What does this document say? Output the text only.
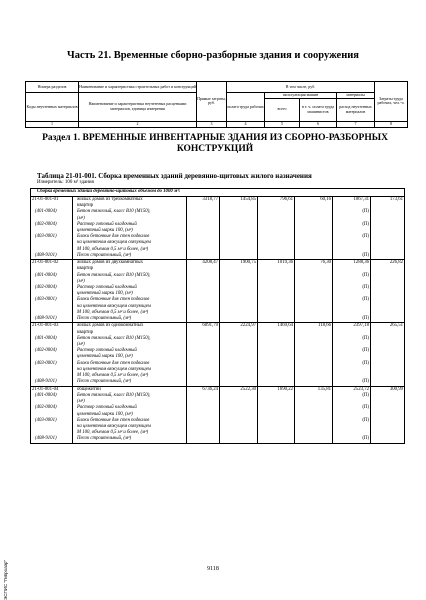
Часть 21. Временные сборно-разборные здания и сооружения
Номера разделов	Наименование и характеристика строительных работ и конструкций	Прямые затраты, руб.	В том числе, руб.				Затраты труда рабочих, чел.-ч.
Коды неучтенных материалов	Наименование и характеристика неучтенных расценками материалов, единица измерения		оплата труда рабочих	эксплуатация машин		материалы	
				всего	в т. ч. оплата труда машинистов	расход неучтенных материалов	
1	2	3	4	5	6	7	8
Раздел 1. ВРЕМЕННЫЕ ИНВЕНТАРНЫЕ ЗДАНИЯ ИЗ СБОРНО-РАЗБОРНЫХ КОНСТРУКЦИЙ
Таблица 21-01-001. Сборка временных зданий деревянно-щитовых жилого назначения
Измеритель: 100 м³ здания
Сборка временных зданий деревянно-щитовых объемом до 1000 м³:							
21-01-001-01	жилых домов из трехкомнатных квартир	3318,77	1454,85	796,61	60,16	1067,31	173,61
(401-0004)	Бетон тяжелый, класс В10 (М150), (м³)					(П)	
(402-0004)	Раствор готовый кладочный цементный марки 100, (м³)					(П)	
(403-0001)	Блоки бетонные для стен подвалов на цементном вяжущем связующем М 100, объемом 0,5 м³ и более, (м³)					(П)	
(408-9101)	Песок строительный, (м³)					(П)	
21-01-001-02	жилых домов из двухкомнатных квартир	4208,47	1900,75	1019,36	76,30	1288,36	226,82
(401-0004)	Бетон тяжелый, класс В10 (М150), (м³)					(П)	
(402-0004)	Раствор готовый кладочный цементный марки 100, (м³)					(П)	
(403-0001)	Блоки бетонные для стен подвалов на цементном вяжущем связующем М 100, объемом 0,5 м³ и более, (м³)					(П)	
(408-9101)	Песок строительный, (м³)					(П)	
21-01-001-03	жилых домов из однокомнатных квартир	6091,79	2224,97	1469,64	118,66	2397,18	265,51
(401-0004)	Бетон тяжелый, класс В10 (М150), (м³)					(П)	
(402-0004)	Раствор готовый кладочный цементный марки 100, (м³)					(П)	
(403-0001)	Блоки бетонные для стен подвалов на цементном вяжущем связующем М 100, объемом 0,5 м³ и более, (м³)					(П)	
(408-9101)	Песок строительный, (м³)					(П)	
21-01-001-04	общежитий	6736,24	2522,30	1690,22	135,81	2523,72	300,99
(401-0004)	Бетон тяжелый, класс В10 (М150), (м³)					(П)	
(402-0004)	Раствор готовый кладочный цементный марки 100, (м³)					(П)	
(403-0001)	Блоки бетонные для стен подвалов на цементном вяжущем связующем М 100, объемом 0,5 м³ и более, (м³)					(П)	
(408-9101)	Песок строительный, (м³)					(П)	
ЭСПИС "Гипроаэр"	9118
